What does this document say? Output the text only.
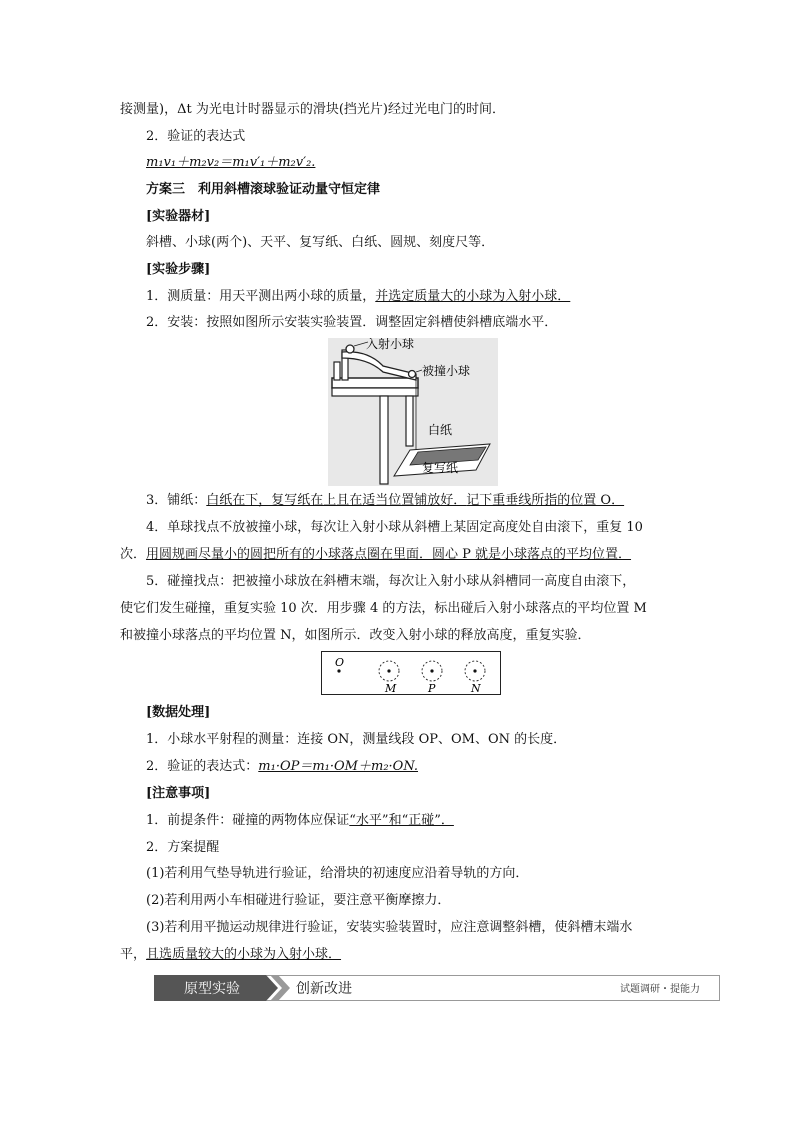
接测量)，Δt 为光电计时器显示的滑块(挡光片)经过光电门的时间．
2．验证的表达式
m₁v₁＋m₂v₂＝m₁v′₁＋m₂v′₂.
方案三　利用斜槽滚球验证动量守恒定律
[实验器材]
斜槽、小球(两个)、天平、复写纸、白纸、圆规、刻度尺等．
[实验步骤]
1．测质量：用天平测出两小球的质量，并选定质量大的小球为入射小球．
2．安装：按照如图所示安装实验装置．调整固定斜槽使斜槽底端水平．
入射小球
被撞小球
白纸
复写纸
3．铺纸：白纸在下，复写纸在上且在适当位置铺放好．记下重垂线所指的位置 O．
4．单球找点不放被撞小球，每次让入射小球从斜槽上某固定高度处自由滚下，重复 10
次．用圆规画尽量小的圆把所有的小球落点圈在里面．圆心 P 就是小球落点的平均位置．
5．碰撞找点：把被撞小球放在斜槽末端，每次让入射小球从斜槽同一高度自由滚下，
使它们发生碰撞，重复实验 10 次．用步骤 4 的方法，标出碰后入射小球落点的平均位置 M
和被撞小球落点的平均位置 N，如图所示．改变入射小球的释放高度，重复实验．
O
M	P	N
[数据处理]
1．小球水平射程的测量：连接 ON，测量线段 OP、OM、ON 的长度．
2．验证的表达式：m₁·OP＝m₁·OM＋m₂·ON.
[注意事项]
1．前提条件：碰撞的两物体应保证“水平”和“正碰”．
2．方案提醒
(1)若利用气垫导轨进行验证，给滑块的初速度应沿着导轨的方向．
(2)若利用两小车相碰进行验证，要注意平衡摩擦力．
(3)若利用平抛运动规律进行验证，安装实验装置时，应注意调整斜槽，使斜槽末端水
平，且选质量较大的小球为入射小球．
原型实验	创新改进	试题调研・提能力
